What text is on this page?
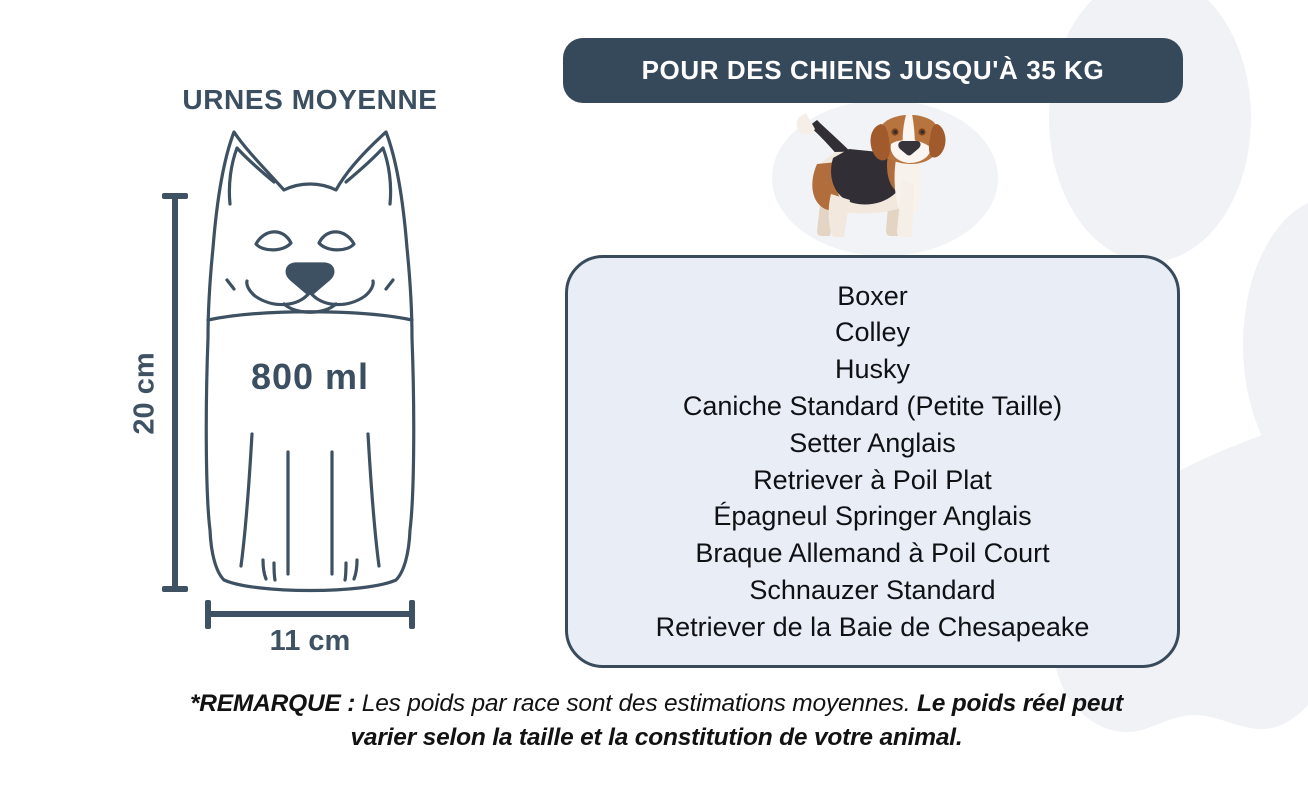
URNES MOYENNE
800 ml
20 cm
11 cm
POUR DES CHIENS JUSQU'À 35 KG
Boxer
Colley
Husky
Caniche Standard (Petite Taille)
Setter Anglais
Retriever à Poil Plat
Épagneul Springer Anglais
Braque Allemand à Poil Court
Schnauzer Standard
Retriever de la Baie de Chesapeake
*REMARQUE : Les poids par race sont des estimations moyennes. Le poids réel peut
varier selon la taille et la constitution de votre animal.
